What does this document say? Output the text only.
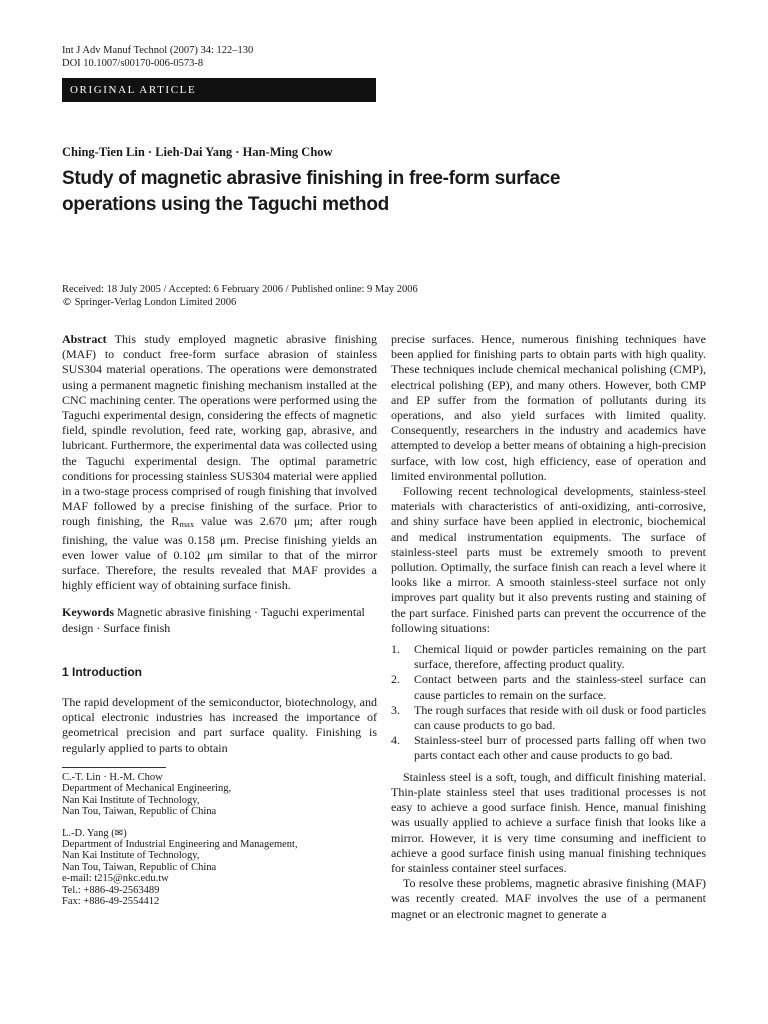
Int J Adv Manuf Technol (2007) 34: 122–130
DOI 10.1007/s00170-006-0573-8
ORIGINAL ARTICLE
Ching-Tien Lin · Lieh-Dai Yang · Han-Ming Chow
Study of magnetic abrasive finishing in free-form surface operations using the Taguchi method
Received: 18 July 2005 / Accepted: 6 February 2006 / Published online: 9 May 2006
© Springer-Verlag London Limited 2006

Abstract This study employed magnetic abrasive finishing (MAF) to conduct free-form surface abrasion of stainless SUS304 material operations. The operations were demonstrated using a permanent magnetic finishing mechanism installed at the CNC machining center. The operations were performed using the Taguchi experimental design, considering the effects of magnetic field, spindle revolution, feed rate, working gap, abrasive, and lubricant. Furthermore, the experimental data was collected using the Taguchi experimental design. The optimal parametric conditions for processing stainless SUS304 material were applied in a two-stage process comprised of rough finishing that involved MAF followed by a precise finishing of the surface. Prior to rough finishing, the $R_{max}$ value was 2.670 μm; after rough finishing, the value was 0.158 μm. Precise finishing yields an even lower value of 0.102 μm similar to that of the mirror surface. Therefore, the results revealed that MAF provides a highly efficient way of obtaining surface finish.

Keywords Magnetic abrasive finishing · Taguchi experimental design · Surface finish

1 Introduction

The rapid development of the semiconductor, biotechnology, and optical electronic industries has increased the importance of geometrical precision and part surface quality. Finishing is regularly applied to parts to obtain

C.-T. Lin · H.-M. Chow
Department of Mechanical Engineering,
Nan Kai Institute of Technology,
Nan Tou, Taiwan, Republic of China
L.-D. Yang (✉)
Department of Industrial Engineering and Management,
Nan Kai Institute of Technology,
Nan Tou, Taiwan, Republic of China
e-mail: t215@nkc.edu.tw
Tel.: +886-49-2563489
Fax: +886-49-2554412

precise surfaces. Hence, numerous finishing techniques have been applied for finishing parts to obtain parts with high quality. These techniques include chemical mechanical polishing (CMP), electrical polishing (EP), and many others. However, both CMP and EP suffer from the formation of pollutants during its operations, and also yield surfaces with limited quality. Consequently, researchers in the industry and academics have attempted to develop a better means of obtaining a high-precision surface, with low cost, high efficiency, ease of operation and limited environmental pollution.

Following recent technological developments, stainless-steel materials with characteristics of anti-oxidizing, anti-corrosive, and shiny surface have been applied in electronic, biochemical and medical instrumentation equipments. The surface of stainless-steel parts must be extremely smooth to prevent pollution. Optimally, the surface finish can reach a level where it looks like a mirror. A smooth stainless-steel surface not only improves part quality but it also prevents rusting and staining of the part surface. Finished parts can prevent the occurrence of the following situations:

1. Chemical liquid or powder particles remaining on the part surface, therefore, affecting product quality.
2. Contact between parts and the stainless-steel surface can cause particles to remain on the surface.
3. The rough surfaces that reside with oil dusk or food particles can cause products to go bad.
4. Stainless-steel burr of processed parts falling off when two parts contact each other and cause products to go bad.

Stainless steel is a soft, tough, and difficult finishing material. Thin-plate stainless steel that uses traditional processes is not easy to achieve a good surface finish. Hence, manual finishing was usually applied to achieve a surface finish that looks like a mirror. However, it is very time consuming and inefficient to achieve a good surface finish using manual finishing techniques for stainless container steel surfaces.

To resolve these problems, magnetic abrasive finishing (MAF) was recently created. MAF involves the use of a permanent magnet or an electronic magnet to generate a
